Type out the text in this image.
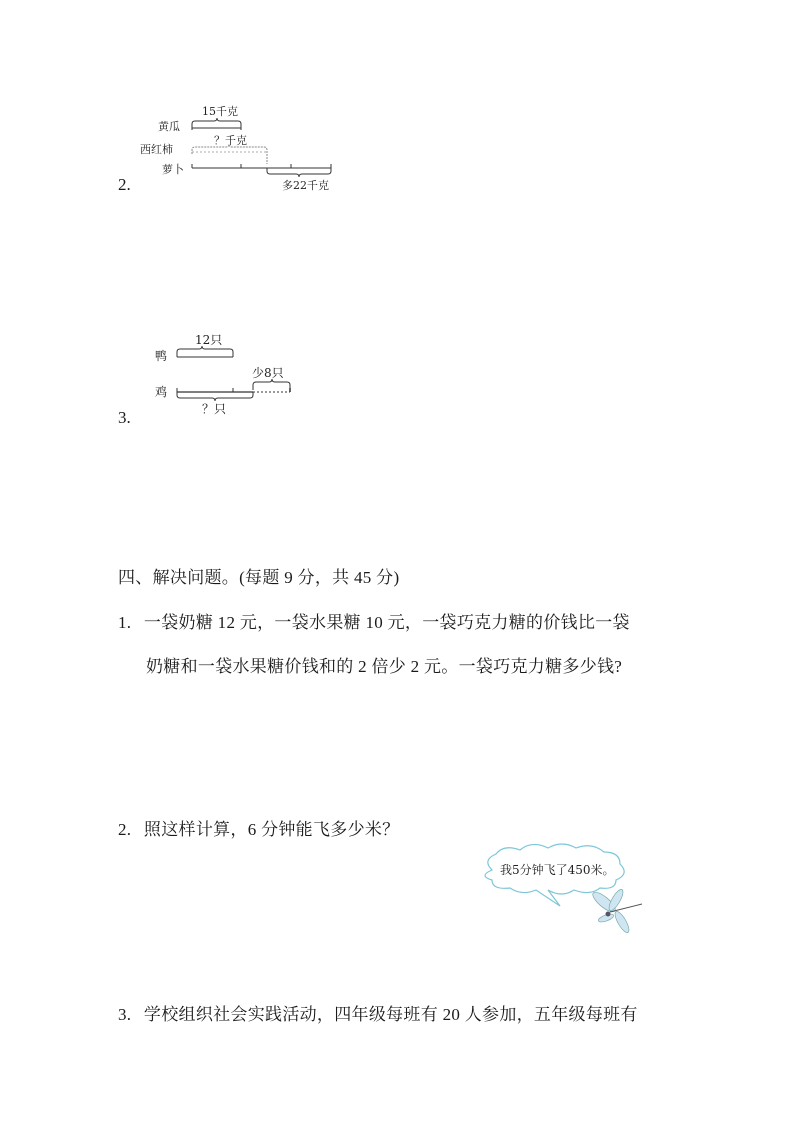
2.
黄瓜
西红柿
萝卜
15千克
？千克
多22千克
3.
鸭
鸡
12只
少8只
？只
四、解决问题。(每题 9 分，共 45 分)
1. 一袋奶糖 12 元，一袋水果糖 10 元，一袋巧克力糖的价钱比一袋
奶糖和一袋水果糖价钱和的 2 倍少 2 元。一袋巧克力糖多少钱?
2. 照这样计算，6 分钟能飞多少米？
我5分钟飞了450米。
3. 学校组织社会实践活动，四年级每班有 20 人参加，五年级每班有
